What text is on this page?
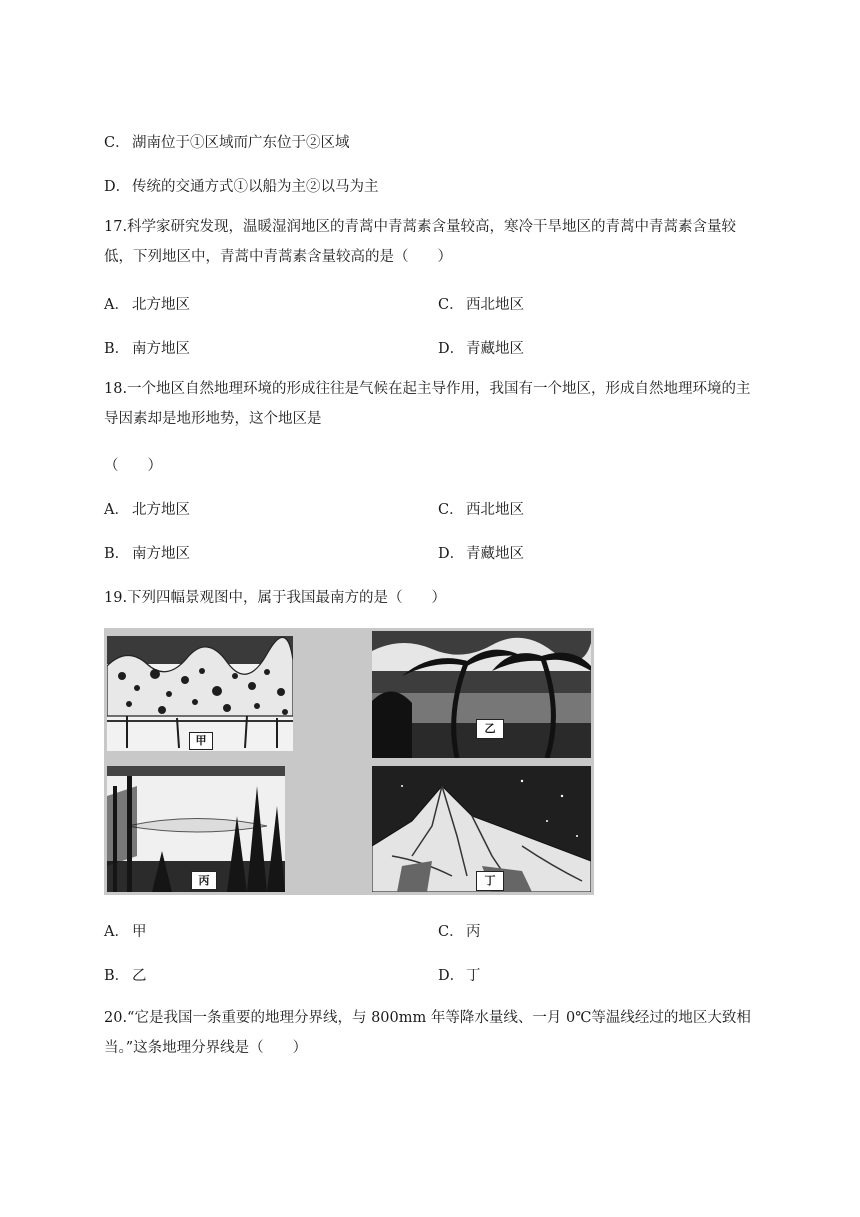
C． 湖南位于①区域而广东位于②区域
D． 传统的交通方式①以船为主②以马为主
17.科学家研究发现，温暖湿润地区的青蒿中青蒿素含量较高，寒冷干旱地区的青蒿中青蒿素含量较低，下列地区中，青蒿中青蒿素含量较高的是（　　）
A． 北方地区	C． 西北地区
B． 南方地区	D． 青藏地区
18.一个地区自然地理环境的形成往往是气候在起主导作用，我国有一个地区，形成自然地理环境的主导因素却是地形地势，这个地区是
（　　）
A． 北方地区	C． 西北地区
B． 南方地区	D． 青藏地区
19.下列四幅景观图中，属于我国最南方的是（　　）
甲
乙
丙	丁
A． 甲	C． 丙
B． 乙	D． 丁
20.“它是我国一条重要的地理分界线，与 800mm 年等降水量线、一月 0℃等温线经过的地区大致相当。”这条地理分界线是（　　）
